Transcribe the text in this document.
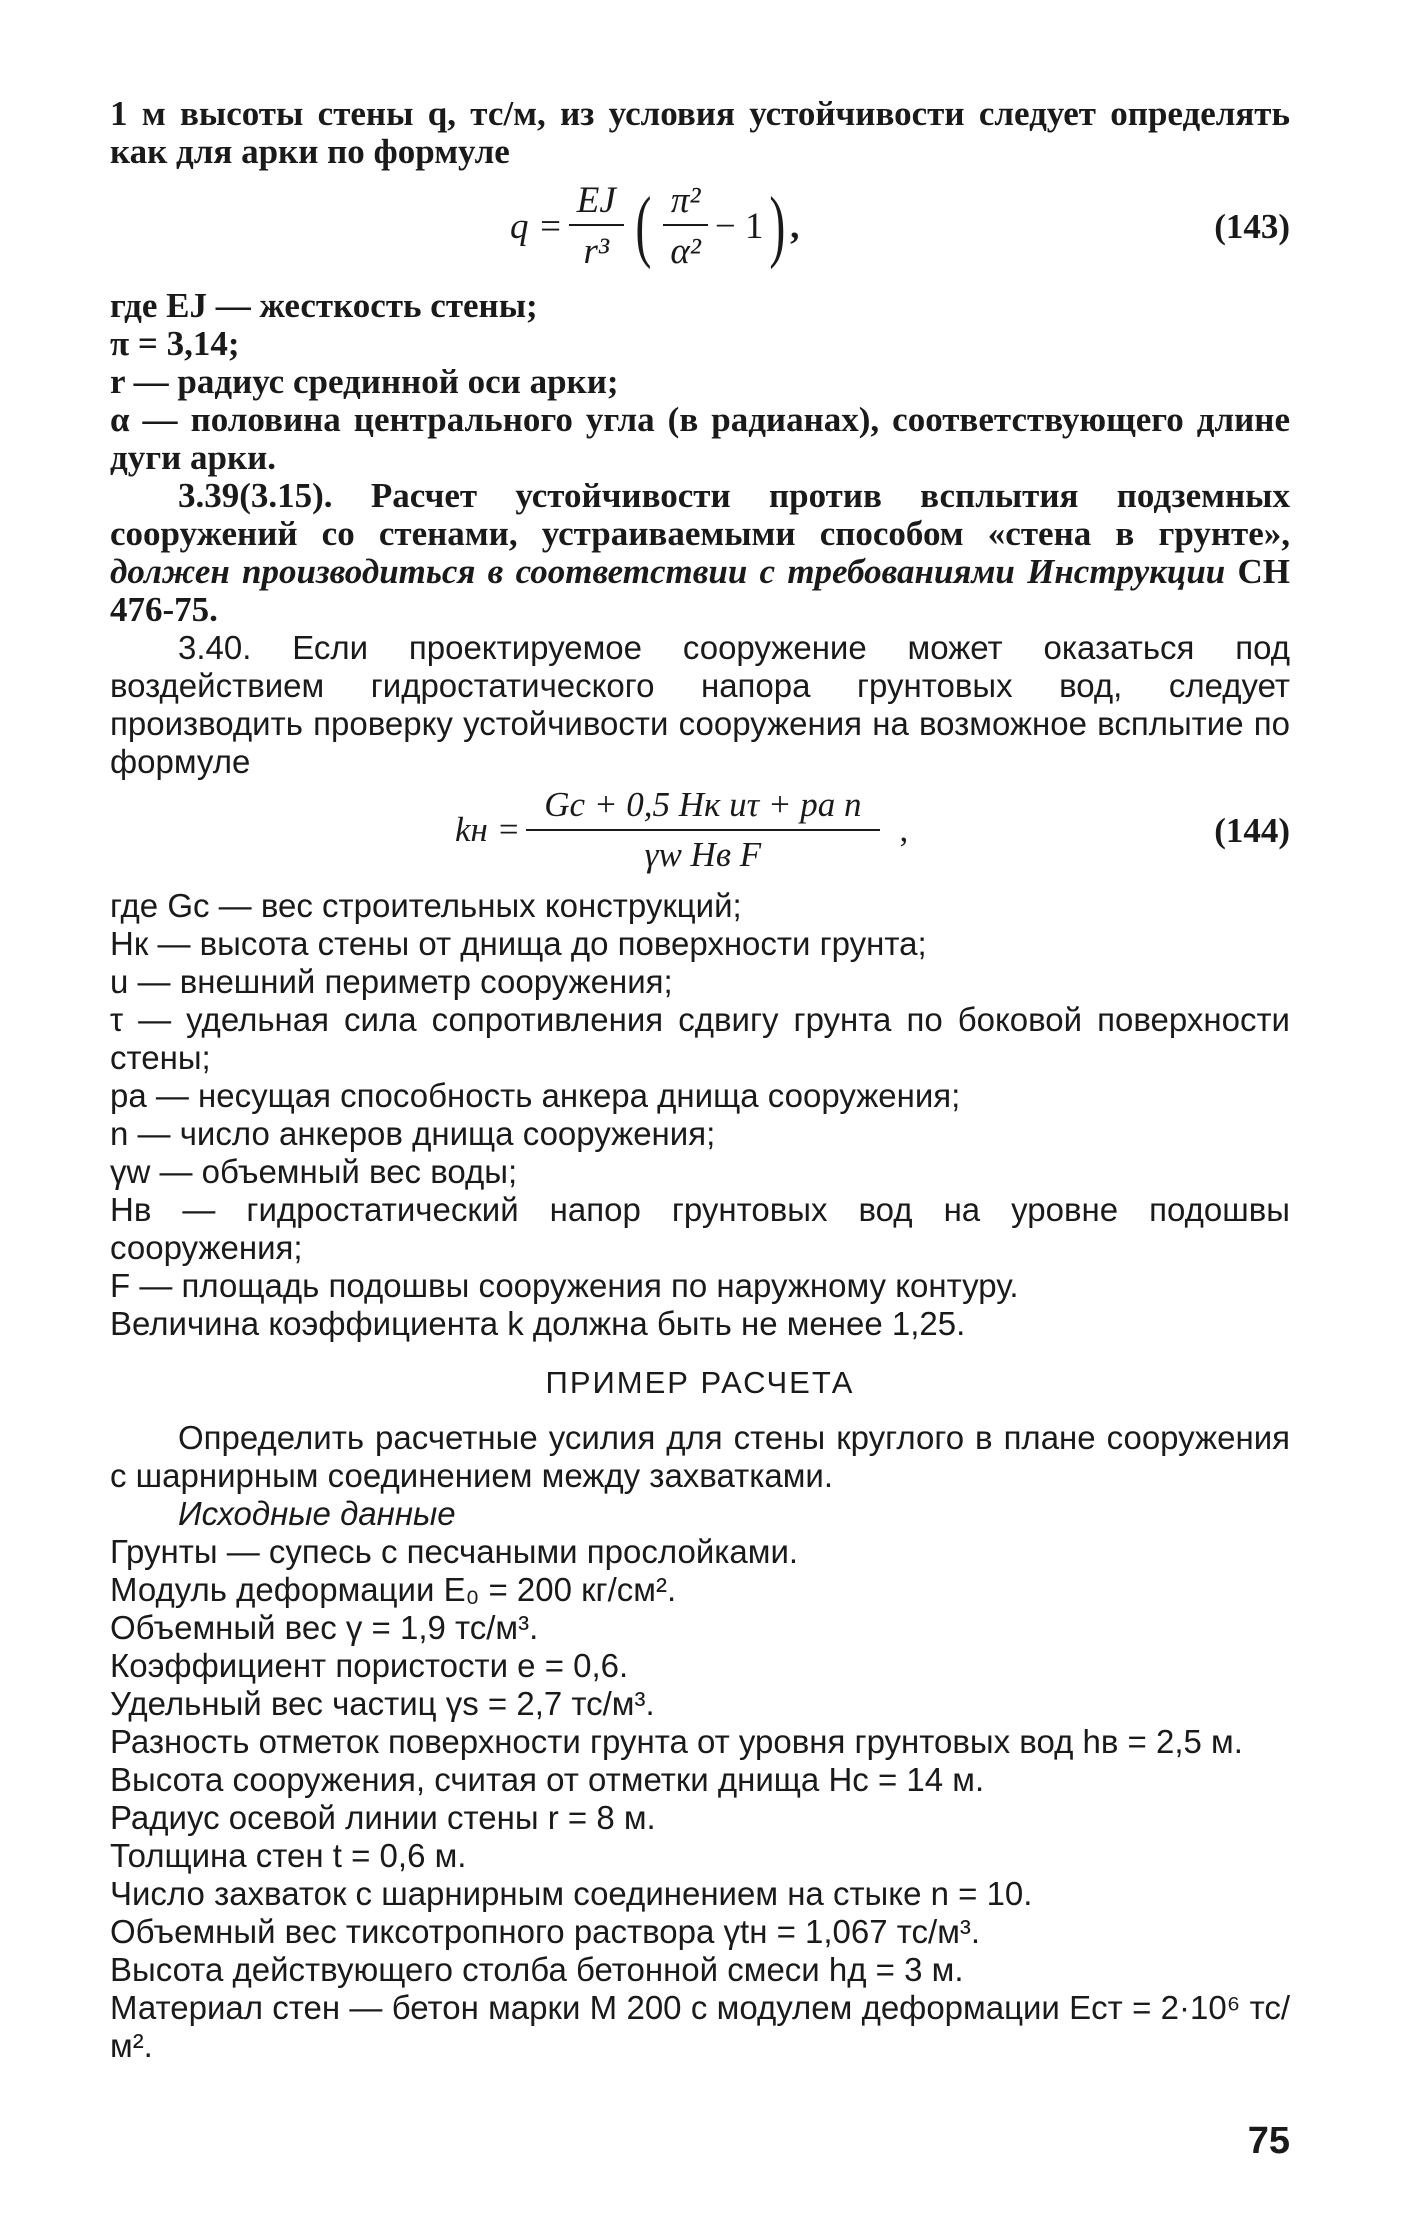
1 м высоты стены q, тс/м, из условия устойчивости следует определять как для арки по формуле

$q = \frac{EJ}{\text{r³}}$ ( $\frac{\text{π²}}{\text{α²}} - 1$ ) ,	(143)

где EJ — жесткость стены;

π = 3,14;

r — радиус срединной оси арки;

α — половина центрального угла (в радианах), соответствующего длине дуги арки.

3.39(3.15). Расчет устойчивости против всплытия подземных сооружений со стенами, устраиваемыми способом «стена в грунте», должен производиться в соответствии с требованиями Инструкции СН 476-75.

3.40. Если проектируемое сооружение может оказаться под воздействием гидростатического напора грунтовых вод, следует производить проверку устойчивости сооружения на возможное всплытие по формуле

kн = $\frac{\text{Gс + 0,5 Hк uτ + pa n}}{\text{γw Hв F}}$ ,	(144)

где Gс — вес строительных конструкций;

Hк — высота стены от днища до поверхности грунта;

u — внешний периметр сооружения;

τ — удельная сила сопротивления сдвигу грунта по боковой поверхности стены;

pа — несущая способность анкера днища сооружения;

n — число анкеров днища сооружения;

γw — объемный вес воды;

Hв — гидростатический напор грунтовых вод на уровне подошвы сооружения;

F — площадь подошвы сооружения по наружному контуру.

Величина коэффициента k должна быть не менее 1,25.

ПРИМЕР РАСЧЕТА

Определить расчетные усилия для стены круглого в плане сооружения с шарнирным соединением между захватками.

Исходные данные

Грунты — супесь с песчаными прослойками.

Модуль деформации E₀ = 200 кг/см².

Объемный вес γ = 1,9 тс/м³.

Коэффициент пористости e = 0,6.

Удельный вес частиц γs = 2,7 тс/м³.

Разность отметок поверхности грунта от уровня грунтовых вод hв = 2,5 м.

Высота сооружения, считая от отметки днища Hс = 14 м.

Радиус осевой линии стены r = 8 м.

Толщина стен t = 0,6 м.

Число захваток с шарнирным соединением на стыке n = 10.

Объемный вес тиксотропного раствора γtн = 1,067 тс/м³.

Высота действующего столба бетонной смеси hд = 3 м.

Материал стен — бетон марки М 200 с модулем деформации Eст = 2·10⁶ тс/м².

75
